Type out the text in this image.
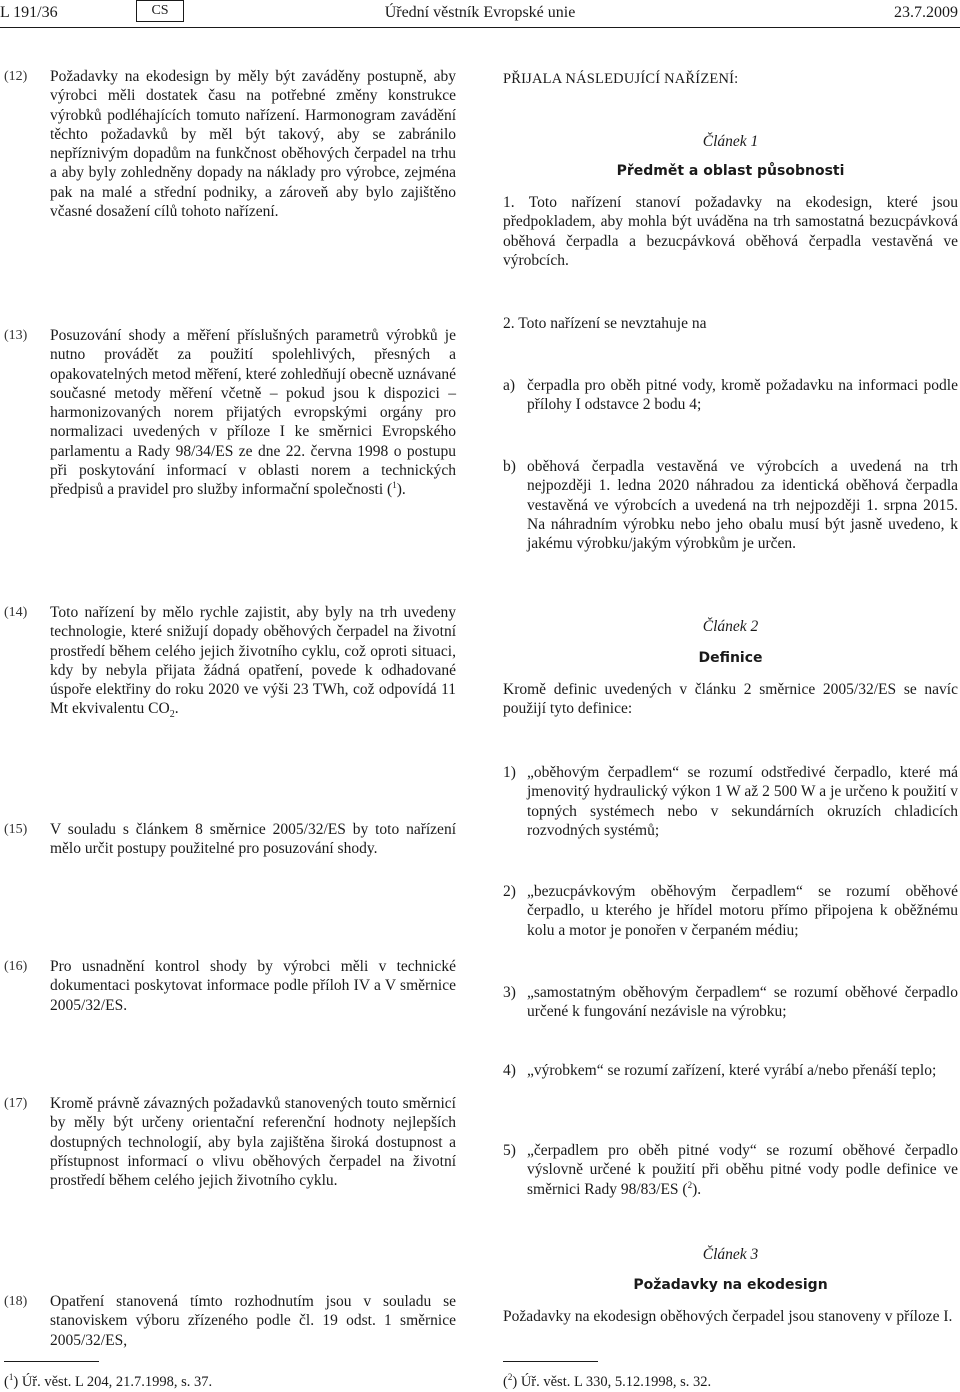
L 191/36	CS	Úřední věstník Evropské unie	23.7.2009
(12)	Požadavky na ekodesign by měly být zaváděny postupně, aby výrobci měli dostatek času na potřebné změny konstrukce výrobků podléhajících tomuto nařízení. Harmonogram zavádění těchto požadavků by měl být takový, aby se zabránilo nepříznivým dopadům na funkčnost oběhových čerpadel na trhu a aby byly zohledněny dopady na náklady pro výrobce, zejména pak na malé a střední podniky, a zároveň aby bylo zajištěno včasné dosažení cílů tohoto nařízení.
(13)	Posuzování shody a měření příslušných parametrů výrobků je nutno provádět za použití spolehlivých, přesných a opakovatelných metod měření, které zohledňují obecně uznávané současné metody měření včetně – pokud jsou k dispozici – harmonizovaných norem přijatých evropskými orgány pro normalizaci uvedených v příloze I ke směrnici Evropského parlamentu a Rady 98/34/ES ze dne 22. června 1998 o postupu při poskytování informací v oblasti norem a technických předpisů a pravidel pro služby informační společnosti ($^1$).
(14)	Toto nařízení by mělo rychle zajistit, aby byly na trh uvedeny technologie, které snižují dopady oběhových čerpadel na životní prostředí během celého jejich životního cyklu, což oproti situaci, kdy by nebyla přijata žádná opatření, povede k odhadované úspoře elektřiny do roku 2020 ve výši 23 TWh, což odpovídá 11 Mt ekvivalentu $CO_2$.
(15)	V souladu s článkem 8 směrnice 2005/32/ES by toto nařízení mělo určit postupy použitelné pro posuzování shody.
(16)	Pro usnadnění kontrol shody by výrobci měli v technické dokumentaci poskytovat informace podle příloh IV a V směrnice 2005/32/ES.
(17)	Kromě právně závazných požadavků stanovených touto směrnicí by měly být určeny orientační referenční hodnoty nejlepších dostupných technologií, aby byla zajištěna široká dostupnost a přístupnost informací o vlivu oběhových čerpadel na životní prostředí během celého jejich životního cyklu.
(18)	Opatření stanovená tímto rozhodnutím jsou v souladu se stanoviskem výboru zřízeného podle čl. 19 odst. 1 směrnice 2005/32/ES,
PŘIJALA NÁSLEDUJÍCÍ NAŘÍZENÍ:
Článek 1
Předmět a oblast působnosti
1. Toto nařízení stanoví požadavky na ekodesign, které jsou předpokladem, aby mohla být uváděna na trh samostatná bezucpávková oběhová čerpadla a bezucpávková oběhová čerpadla vestavěná ve výrobcích.
2. Toto nařízení se nevztahuje na
a) čerpadla pro oběh pitné vody, kromě požadavku na informaci podle přílohy I odstavce 2 bodu 4;
b) oběhová čerpadla vestavěná ve výrobcích a uvedená na trh nejpozději 1. ledna 2020 náhradou za identická oběhová čerpadla vestavěná ve výrobcích a uvedená na trh nejpozději 1. srpna 2015. Na náhradním výrobku nebo jeho obalu musí být jasně uvedeno, k jakému výrobku/jakým výrobkům je určen.
Článek 2
Definice
Kromě definic uvedených v článku 2 směrnice 2005/32/ES se navíc použijí tyto definice:
1) „oběhovým čerpadlem“ se rozumí odstředivé čerpadlo, které má jmenovitý hydraulický výkon 1 W až 2 500 W a je určeno k použití v topných systémech nebo v sekundárních okruzích chladicích rozvodných systémů;
2) „bezucpávkovým oběhovým čerpadlem“ se rozumí oběhové čerpadlo, u kterého je hřídel motoru přímo připojena k oběžnému kolu a motor je ponořen v čerpaném médiu;
3) „samostatným oběhovým čerpadlem“ se rozumí oběhové čerpadlo určené k fungování nezávisle na výrobku;
4) „výrobkem“ se rozumí zařízení, které vyrábí a/nebo přenáší teplo;
5) „čerpadlem pro oběh pitné vody“ se rozumí oběhové čerpadlo výslovně určené k použití při oběhu pitné vody podle definice ve směrnici Rady 98/83/ES ($^2$).
Článek 3
Požadavky na ekodesign
Požadavky na ekodesign oběhových čerpadel jsou stanoveny v příloze I.
($^1$) Úř. věst. L 204, 21.7.1998, s. 37.	($^2$) Úř. věst. L 330, 5.12.1998, s. 32.
